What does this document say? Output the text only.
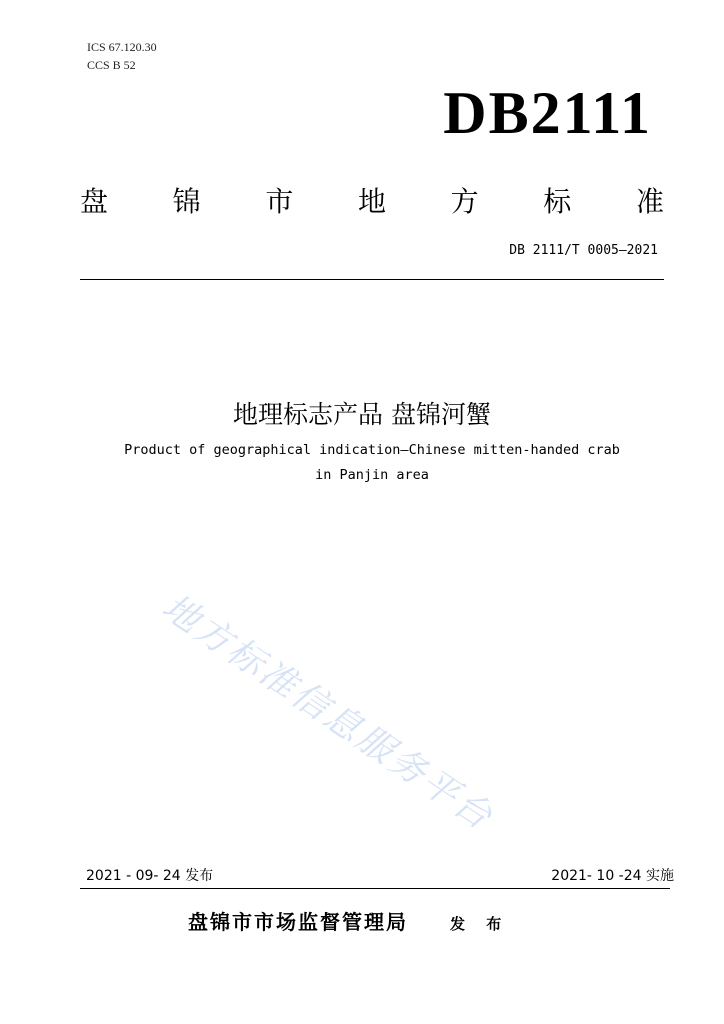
ICS 67.120.30
CCS B 52
DB2111
盘 锦 市 地 方 标 准
DB 2111/T 0005—2021
地理标志产品 盘锦河蟹
Product of geographical indication—Chinese mitten-handed crab
in Panjin area
地方标准信息服务平台
2021 - 09- 24 发布	2021- 10 -24 实施
盘锦市市场监督管理局	发 布
